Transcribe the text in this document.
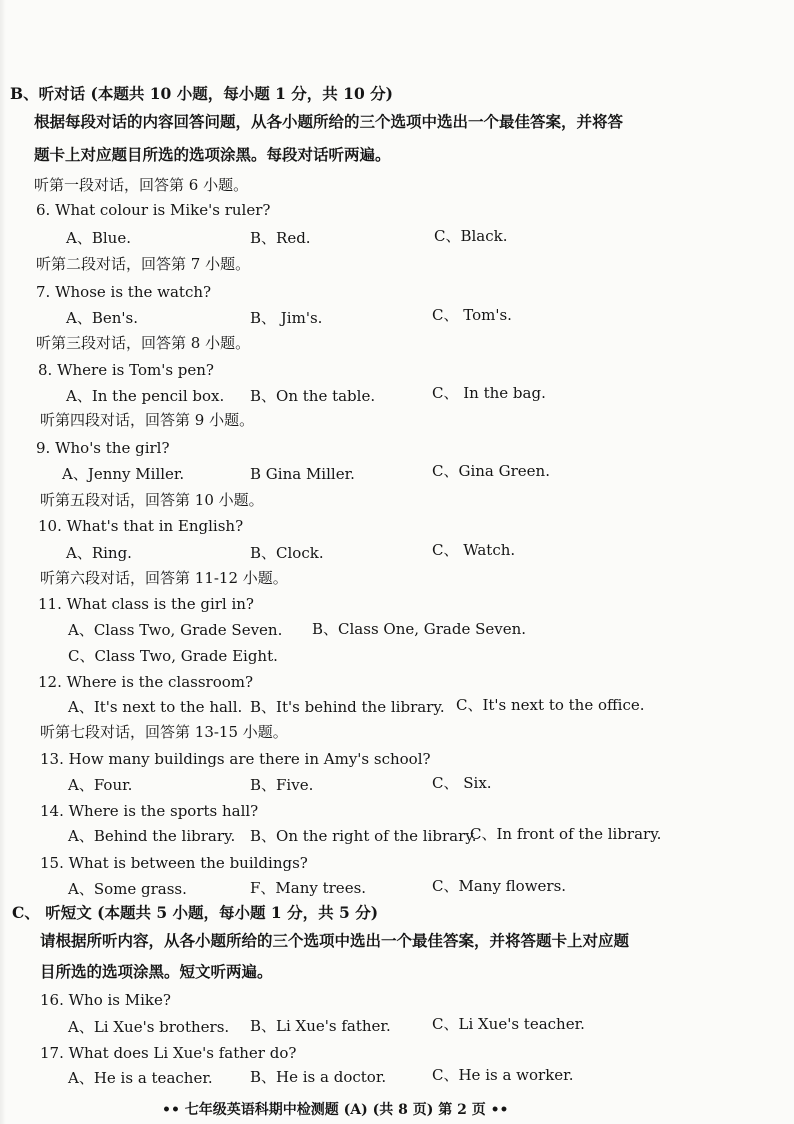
B、听对话 (本题共 10 小题，每小题 1 分，共 10 分)
根据每段对话的内容回答问题，从各小题所给的三个选项中选出一个最佳答案，并将答
题卡上对应题目所选的选项涂黑。每段对话听两遍。
听第一段对话，回答第 6 小题。
6. What colour is Mike's ruler?
A、Blue.	B、Red.	C、Black.
听第二段对话，回答第 7 小题。
7. Whose is the watch?
A、Ben's.	B、 Jim's.	C、 Tom's.
听第三段对话，回答第 8 小题。
8. Where is Tom's pen?
A、In the pencil box. B、On the table.	C、 In the bag.
听第四段对话，回答第 9 小题。
9. Who's the girl?
A、Jenny Miller.	B Gina Miller.	C、Gina Green.
听第五段对话，回答第 10 小题。
10. What's that in English?
A、Ring.	B、Clock.	C、 Watch.
听第六段对话，回答第 11-12 小题。
11. What class is the girl in?
A、Class Two, Grade Seven. B、Class One, Grade Seven.
C、Class Two, Grade Eight.
12. Where is the classroom?
A、It's next to the hall. B、It's behind the library. C、It's next to the office.
听第七段对话，回答第 13-15 小题。
13. How many buildings are there in Amy's school?
A、Four.	B、Five.	C、 Six.
14. Where is the sports hall?
A、Behind the library. B、On the right of the library.
C、In front of the library.
15. What is between the buildings?
A、Some grass.	F、Many trees.	C、Many flowers.
C、 听短文 (本题共 5 小题，每小题 1 分，共 5 分)
请根据所听内容，从各小题所给的三个选项中选出一个最佳答案，并将答题卡上对应题
目所选的选项涂黑。短文听两遍。
16. Who is Mike?
A、Li Xue's brothers. B、Li Xue's father.	C、Li Xue's teacher.
17. What does Li Xue's father do?
A、He is a teacher. B、He is a doctor.	C、He is a worker.
•• 七年级英语科期中检测题 (A) (共 8 页) 第 2 页 ••
